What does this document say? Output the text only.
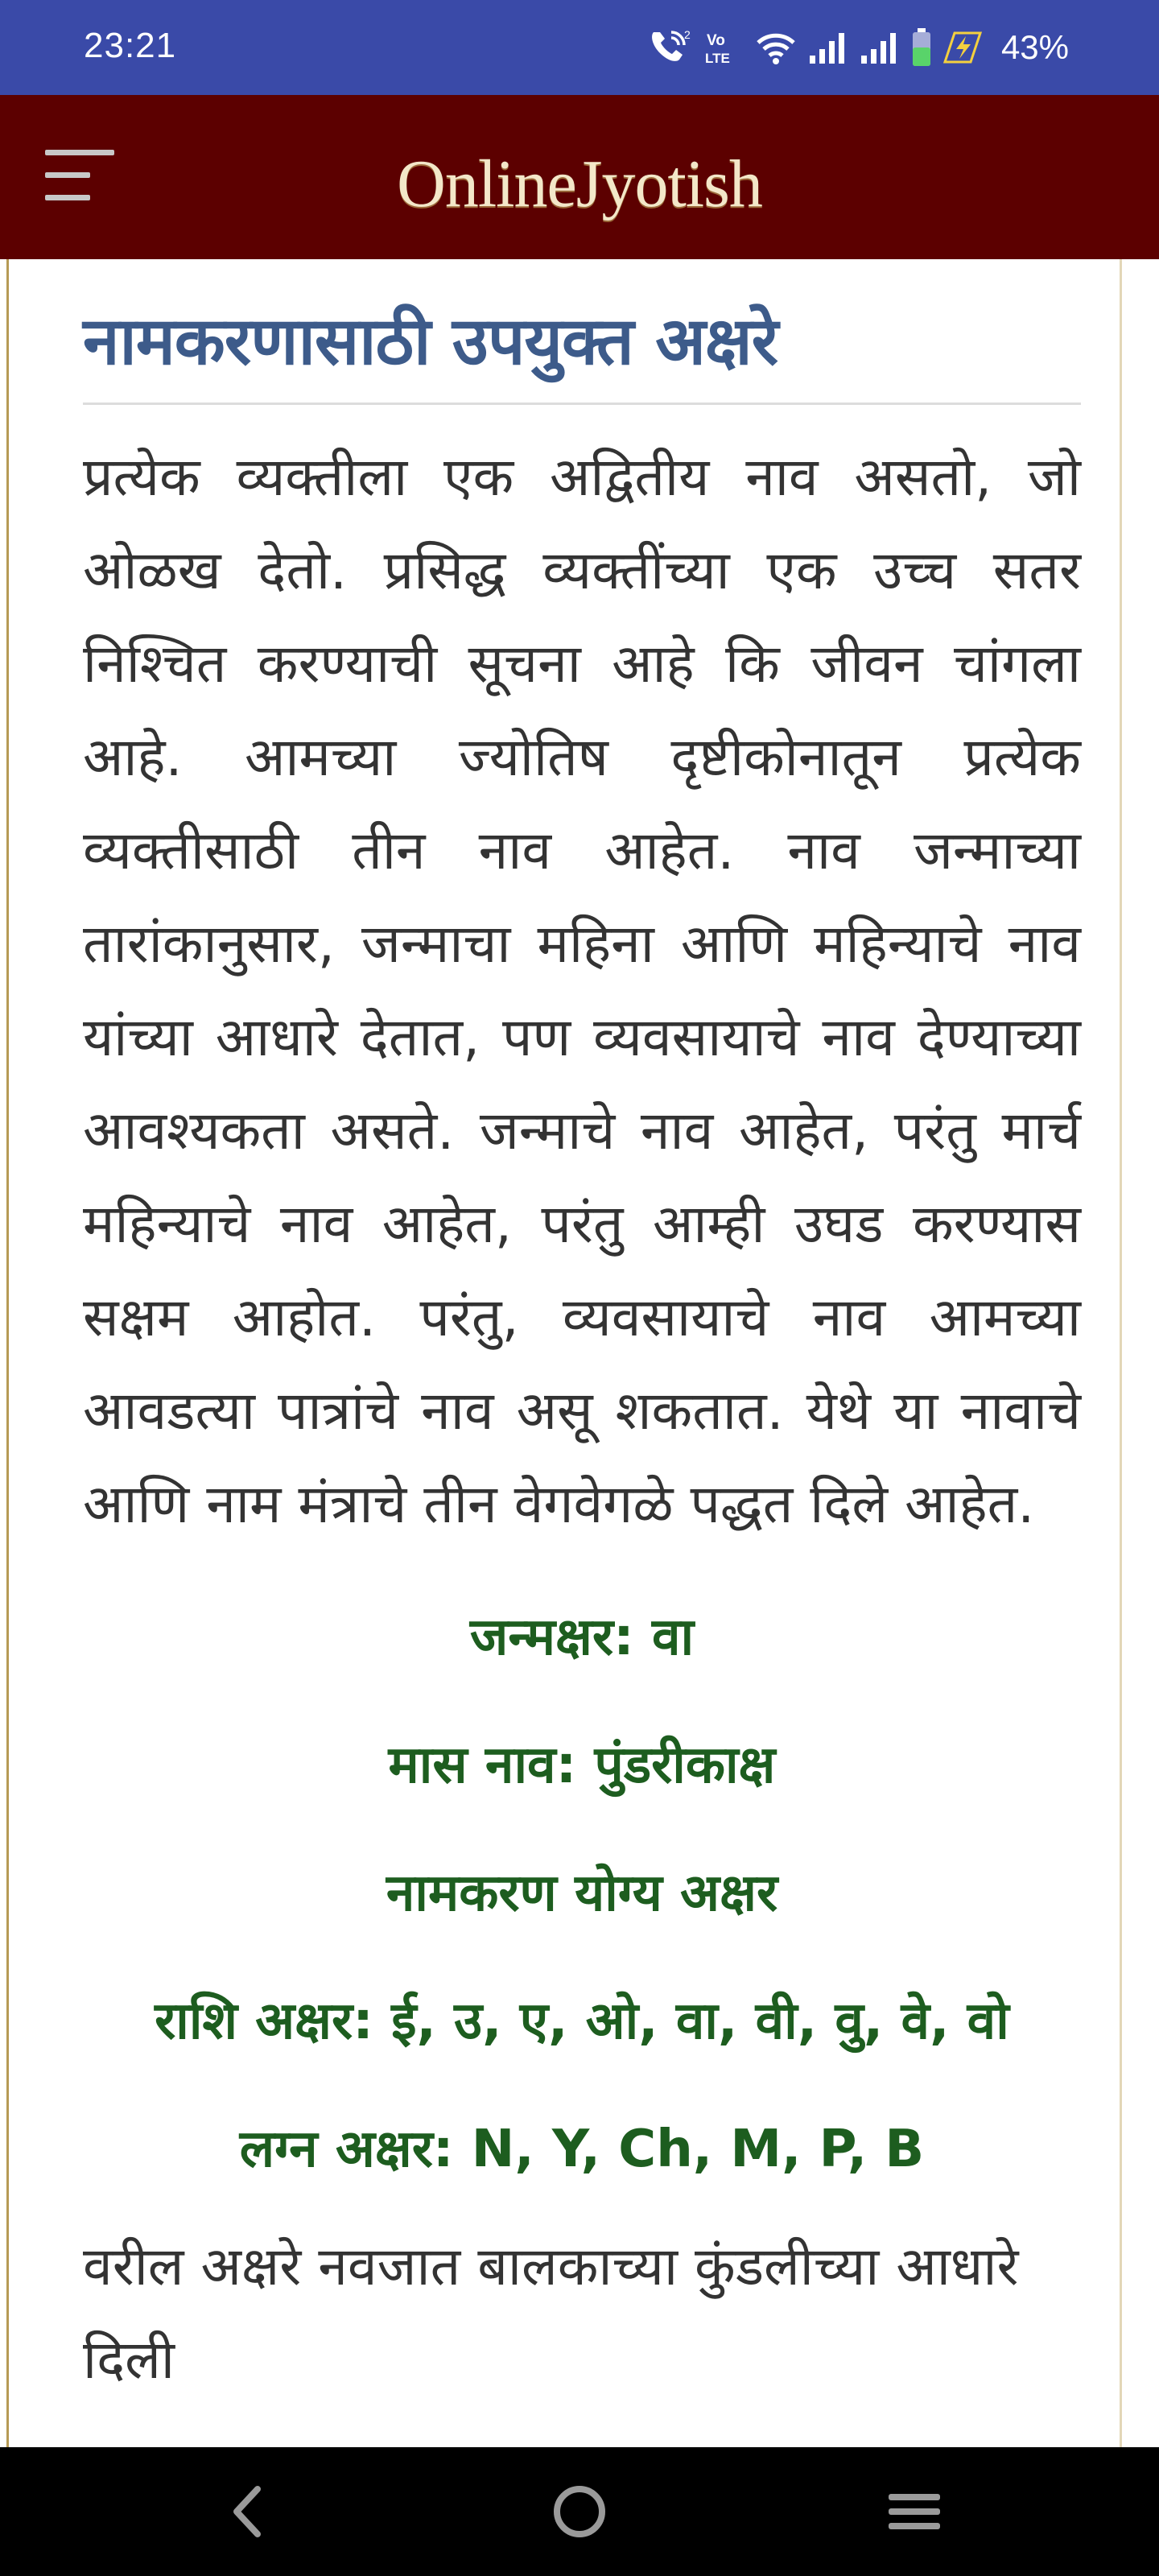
23:21	2 Vo
LTE	43%
OnlineJyotish
नामकरणासाठी उपयुक्त अक्षरे

प्रत्येक व्यक्तीला एक अद्वितीय नाव असतो, जो ओळख देतो. प्रसिद्ध व्यक्तींच्या एक उच्च सतर निश्चित करण्याची सूचना आहे कि जीवन चांगला आहे. आमच्या ज्योतिष दृष्टीकोनातून प्रत्येक व्यक्तीसाठी तीन नाव आहेत. नाव जन्माच्या तारांकानुसार, जन्माचा महिना आणि महिन्याचे नाव यांच्या आधारे देतात, पण व्यवसायाचे नाव देण्याच्या आवश्यकता असते. जन्माचे नाव आहेत, परंतु मार्च महिन्याचे नाव आहेत, परंतु आम्ही उघड करण्यास सक्षम आहोत. परंतु, व्यवसायाचे नाव आमच्या आवडत्या पात्रांचे नाव असू शकतात. येथे या नावाचे आणि नाम मंत्राचे तीन वेगवेगळे पद्धत दिले आहेत.

जन्मक्षर: वा
मास नाव: पुंडरीकाक्ष
नामकरण योग्य अक्षर
राशि अक्षर: ई, उ, ए, ओ, वा, वी, वु, वे, वो
लग्न अक्षर: N, Y, Ch, M, P, B

वरील अक्षरे नवजात बालकाच्या कुंडलीच्या आधारे दिली
